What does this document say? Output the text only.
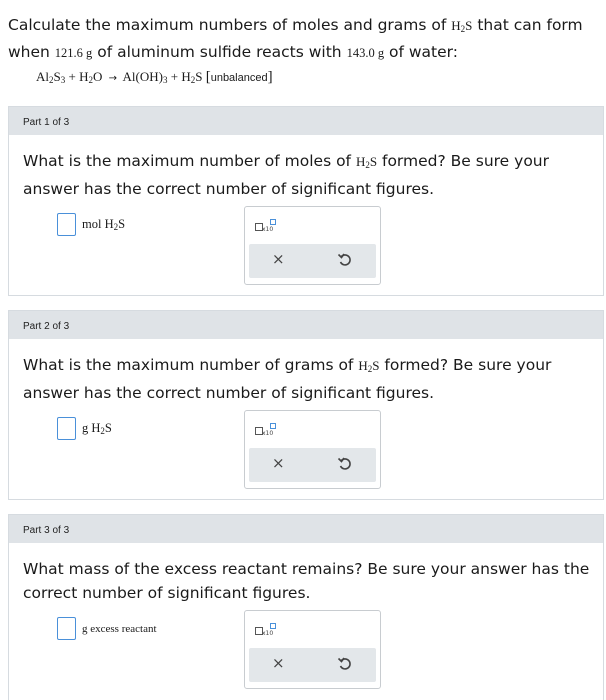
Calculate the maximum numbers of moles and grams of $H_2S$ that can form
when 121.6 g of aluminum sulfide reacts with 143.0 g of water:
$Al_2S_3 + H_2O \to Al(OH)_3 + H_2S$ [unbalanced]
Part 1 of 3
What is the maximum number of moles of $H_2S$ formed? Be sure your answer has the correct number of significant figures.
mol $H_2S$	x10
×
Part 2 of 3
What is the maximum number of grams of $H_2S$ formed? Be sure your answer has the correct number of significant figures.
g $H_2S$	x10
×
Part 3 of 3
What mass of the excess reactant remains? Be sure your answer has the correct number of significant figures.
g excess reactant	x10
×
